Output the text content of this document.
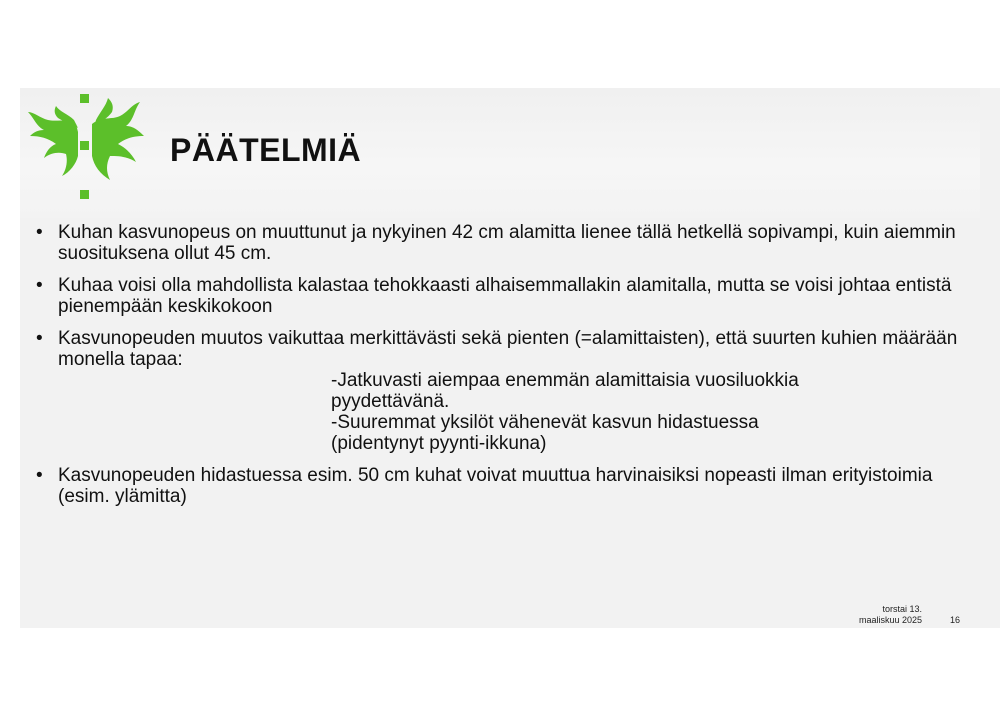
PÄÄTELMIÄ
• Kuhan kasvunopeus on muuttunut ja nykyinen 42 cm alamitta lienee tällä hetkellä sopivampi, kuin aiemmin suosituksena ollut 45 cm.
• Kuhaa voisi olla mahdollista kalastaa tehokkaasti alhaisemmallakin alamitalla, mutta se voisi johtaa entistä pienempään keskikokoon
• Kasvunopeuden muutos vaikuttaa merkittävästi sekä pienten (=alamittaisten), että suurten kuhien määrään monella tapaa:
-Jatkuvasti aiempaa enemmän alamittaisia vuosiluokkia
pyydettävänä.
-Suuremmat yksilöt vähenevät kasvun hidastuessa
(pidentynyt pyynti-ikkuna)
• Kasvunopeuden hidastuessa esim. 50 cm kuhat voivat muuttua harvinaisiksi nopeasti ilman erityistoimia (esim. ylämitta)
torstai 13.
maaliskuu 2025	16
